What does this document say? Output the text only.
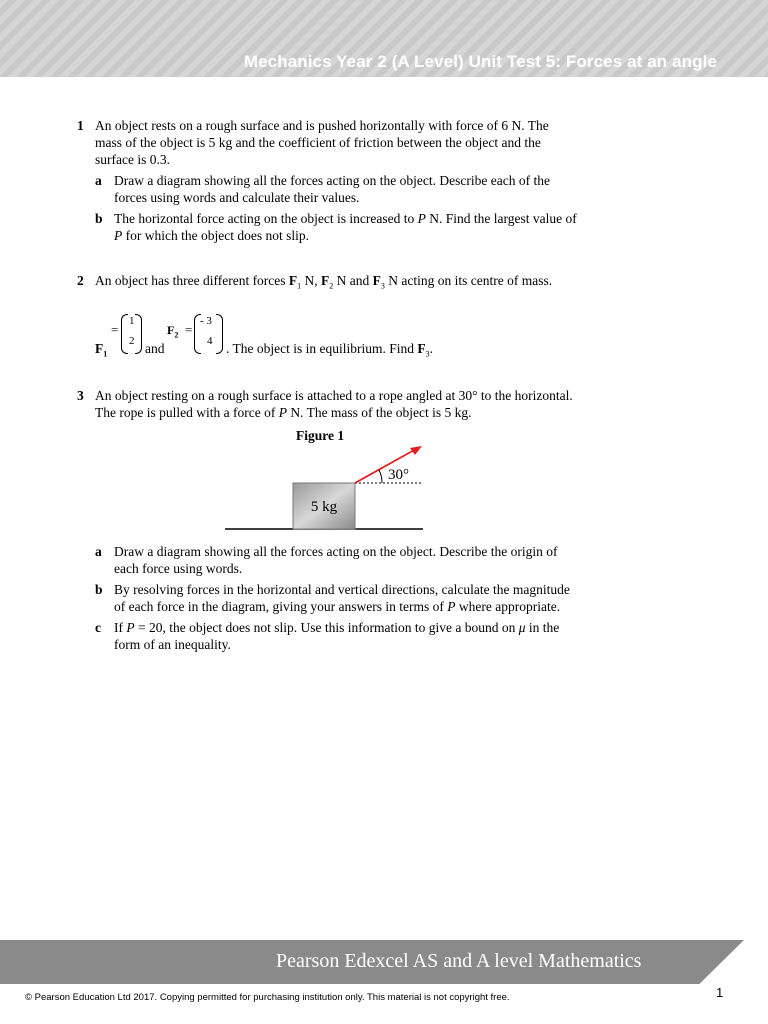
Mechanics Year 2 (A Level) Unit Test 5: Forces at an angle
1 An object rests on a rough surface and is pushed horizontally with force of 6 N. The mass of the object is 5 kg and the coefficient of friction between the object and the surface is 0.3.
a Draw a diagram showing all the forces acting on the object. Describe each of the forces using words and calculate their values.
b The horizontal force acting on the object is increased to P N. Find the largest value of P for which the object does not slip.
2 An object has three different forces $F_1$ N, $F_2$ N and $F_3$ N acting on its centre of mass.
$F_1$
=
1
2 and
$F_2$ =
- 3
4 . The object is in equilibrium. Find $F_3$.
3 An object resting on a rough surface is attached to a rope angled at 30° to the horizontal. The rope is pulled with a force of P N. The mass of the object is 5 kg.
Figure 1
5 kg
30°
a Draw a diagram showing all the forces acting on the object. Describe the origin of each force using words.
b By resolving forces in the horizontal and vertical directions, calculate the magnitude of each force in the diagram, giving your answers in terms of P where appropriate.
c If P = 20, the object does not slip. Use this information to give a bound on μ in the form of an inequality.
Pearson Edexcel AS and A level Mathematics
© Pearson Education Ltd 2017. Copying permitted for purchasing institution only. This material is not copyright free.	1
